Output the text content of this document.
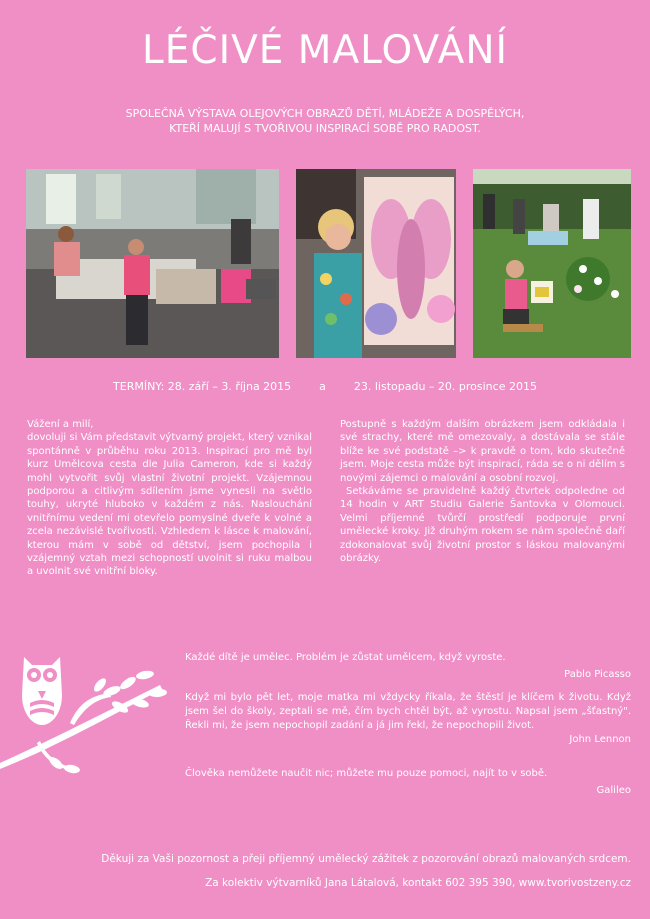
LÉČIVÉ MALOVÁNÍ
SPOLEČNÁ VÝSTAVA OLEJOVÝCH OBRAZŮ DĚTÍ, MLÁDEŽE A DOSPĚLÝCH,
KTEŘÍ MALUJÍ S TVOŘIVOU INSPIRACÍ SOBĚ PRO RADOST.
TERMÍNY: 28. září – 3. října 2015        a        23. listopadu – 20. prosince 2015

Vážení a milí,

dovoluji si Vám představit výtvarný projekt, který vznikal spontánně v průběhu roku 2013. Inspirací pro mě byl kurz Umělcova cesta dle Julia Cameron, kde si každý mohl vytvořit svůj vlastní životní projekt. Vzájemnou podporou a citlivým sdílením jsme vynesli na světlo touhy, ukryté hluboko v každém z nás. Naslouchání vnitřnímu vedení mi otevřelo pomyslné dveře k volné a zcela nezávislé tvořivosti. Vzhledem k lásce k malování, kterou mám v sobě od dětství, jsem pochopila i vzájemný vztah mezi schopností uvolnit si ruku malbou a uvolnit své vnitřní bloky.

Postupně s každým dalším obrázkem jsem odkládala i své strachy, které mě omezovaly, a dostávala se stále blíže ke své podstatě –> k pravdě o tom, kdo skutečně jsem. Moje cesta může být inspirací, ráda se o ni dělím s novými zájemci o malování a osobní rozvoj.

Setkáváme se pravidelně každý čtvrtek odpoledne od 14 hodin v ART Studiu Galerie Šantovka v Olomouci. Velmi příjemné tvůrčí prostředí podporuje první umělecké kroky. Již druhým rokem se nám společně daří zdokonalovat svůj životní prostor s láskou malovanými obrázky.

Každé dítě je umělec. Problém je zůstat umělcem, když vyroste.

Pablo Picasso

Když mi bylo pět let, moje matka mi vždycky říkala, že štěstí je klíčem k životu. Když jsem šel do školy, zeptali se mě, čím bych chtěl být, až vyrostu. Napsal jsem „šťastný". Řekli mi, že jsem nepochopil zadání a já jim řekl, že nepochopili život.

John Lennon

Člověka nemůžete naučit nic; můžete mu pouze pomoci, najít to v sobě.

Galileo

Děkuji za Vaši pozornost a přeji příjemný umělecký zážitek z pozorování obrazů malovaných srdcem.
Za kolektiv výtvarníků Jana Látalová, kontakt 602 395 390, www.tvorivostzeny.cz
